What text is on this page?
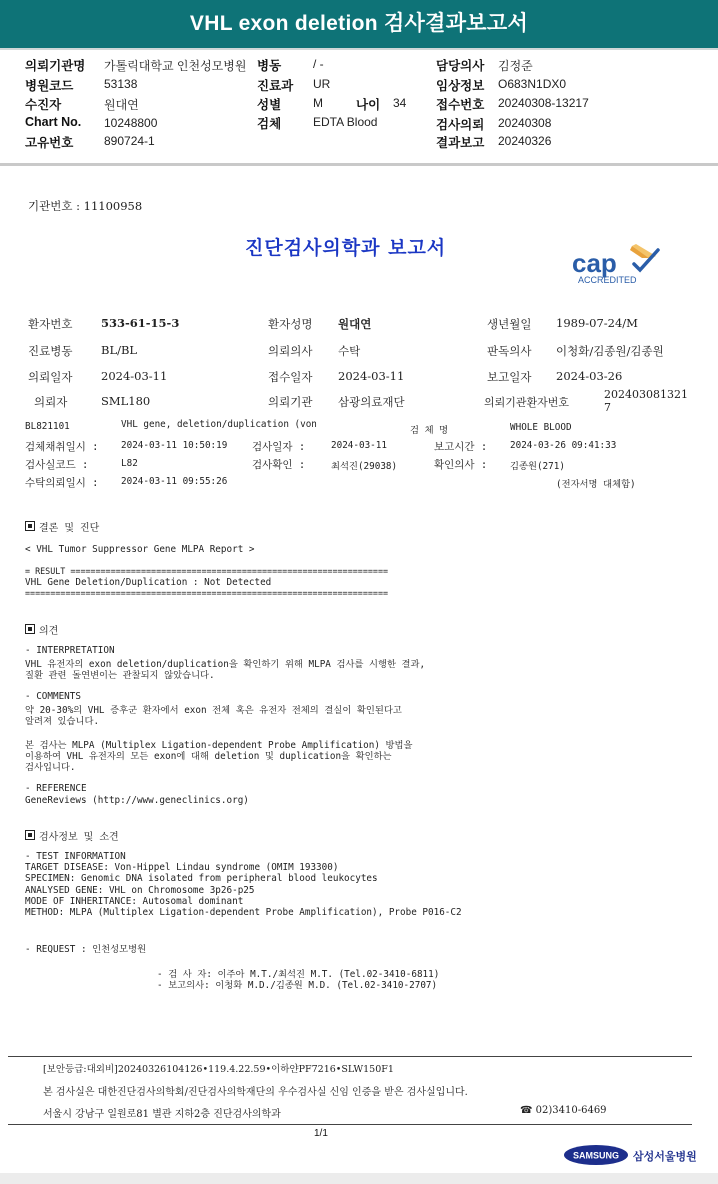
VHL exon deletion 검사결과보고서
의뢰기관명 가톨릭대학교 인천성모병원 병동	/ -	담당의사 김정준
병원코드	53138	진료과 UR	임상정보 O683N1DX0
수진자	원대연	성별	M	나이 34 접수번호 20240308-13217
Chart No. 10248800	검체	EDTA Blood	검사의뢰 20240308
고유번호	890724-1	결과보고 20240326
기관번호 : 11100958
진단검사의학과 보고서	cap
ACCREDITED
환자번호 533-61-15-3	환자성명 원대연	생년월일 1989-07-24/M
진료병동 BL/BL	의뢰의사 수탁	판독의사 이청화/김종원/김종원
의뢰일자 2024-03-11	접수일자 2024-03-11	보고일자 2024-03-26
의뢰자	SML180	의뢰기관 삼광의료재단	의뢰기관환자번호
202403081321
7
BL821101	VHL gene, deletion/duplication (von
검 체 명	WHOLE BLOOD
검체채취일시 : 2024-03-11 10:50:19 검사일자 :	2024-03-11	보고시간 : 2024-03-26 09:41:33
검사실코드 :	L82	검사확인 :	최석진(29038)	확인의사 : 김종원(271)
수탁의뢰일시 : 2024-03-11 09:55:26	(전자서명 대체함)
결론 및 진단
< VHL Tumor Suppressor Gene MLPA Report >
= RESULT ===============================================================
VHL Gene Deletion/Duplication : Not Detected
========================================================================
의견
- INTERPRETATION
VHL 유전자의 exon deletion/duplication을 확인하기 위해 MLPA 검사를 시행한 결과,
질환 관련 돌연변이는 관찰되지 않았습니다.
- COMMENTS
약 20-30%의 VHL 증후군 환자에서 exon 전체 혹은 유전자 전체의 결실이 확인된다고
알려져 있습니다.
본 검사는 MLPA (Multiplex Ligation-dependent Probe Amplification) 방법을
이용하여 VHL 유전자의 모든 exon에 대해 deletion 및 duplication을 확인하는
검사입니다.
- REFERENCE
GeneReviews (http://www.geneclinics.org)
검사정보 및 소견
- TEST INFORMATION
TARGET DISEASE: Von-Hippel Lindau syndrome (OMIM 193300)
SPECIMEN: Genomic DNA isolated from peripheral blood leukocytes
ANALYSED GENE: VHL on Chromosome 3p26-p25
MODE OF INHERITANCE: Autosomal dominant
METHOD: MLPA (Multiplex Ligation-dependent Probe Amplification), Probe P016-C2
- REQUEST : 인천성모병원
- 검 사 자: 이주아 M.T./최석진 M.T. (Tel.02-3410-6811)
- 보고의사: 이청화 M.D./김종원 M.D. (Tel.02-3410-2707)
[보안등급:대외비]20240326104126•119.4.22.59•이하얀PF7216•SLW150F1
본 검사실은 대한진단검사의학회/진단검사의학재단의 우수검사실 신임 인증을 받은 검사실입니다.
서울시 강남구 일원로81 별관 지하2층 진단검사의학과	☎ 02)3410-6469
1/1
SAMSUNG 삼성서울병원
